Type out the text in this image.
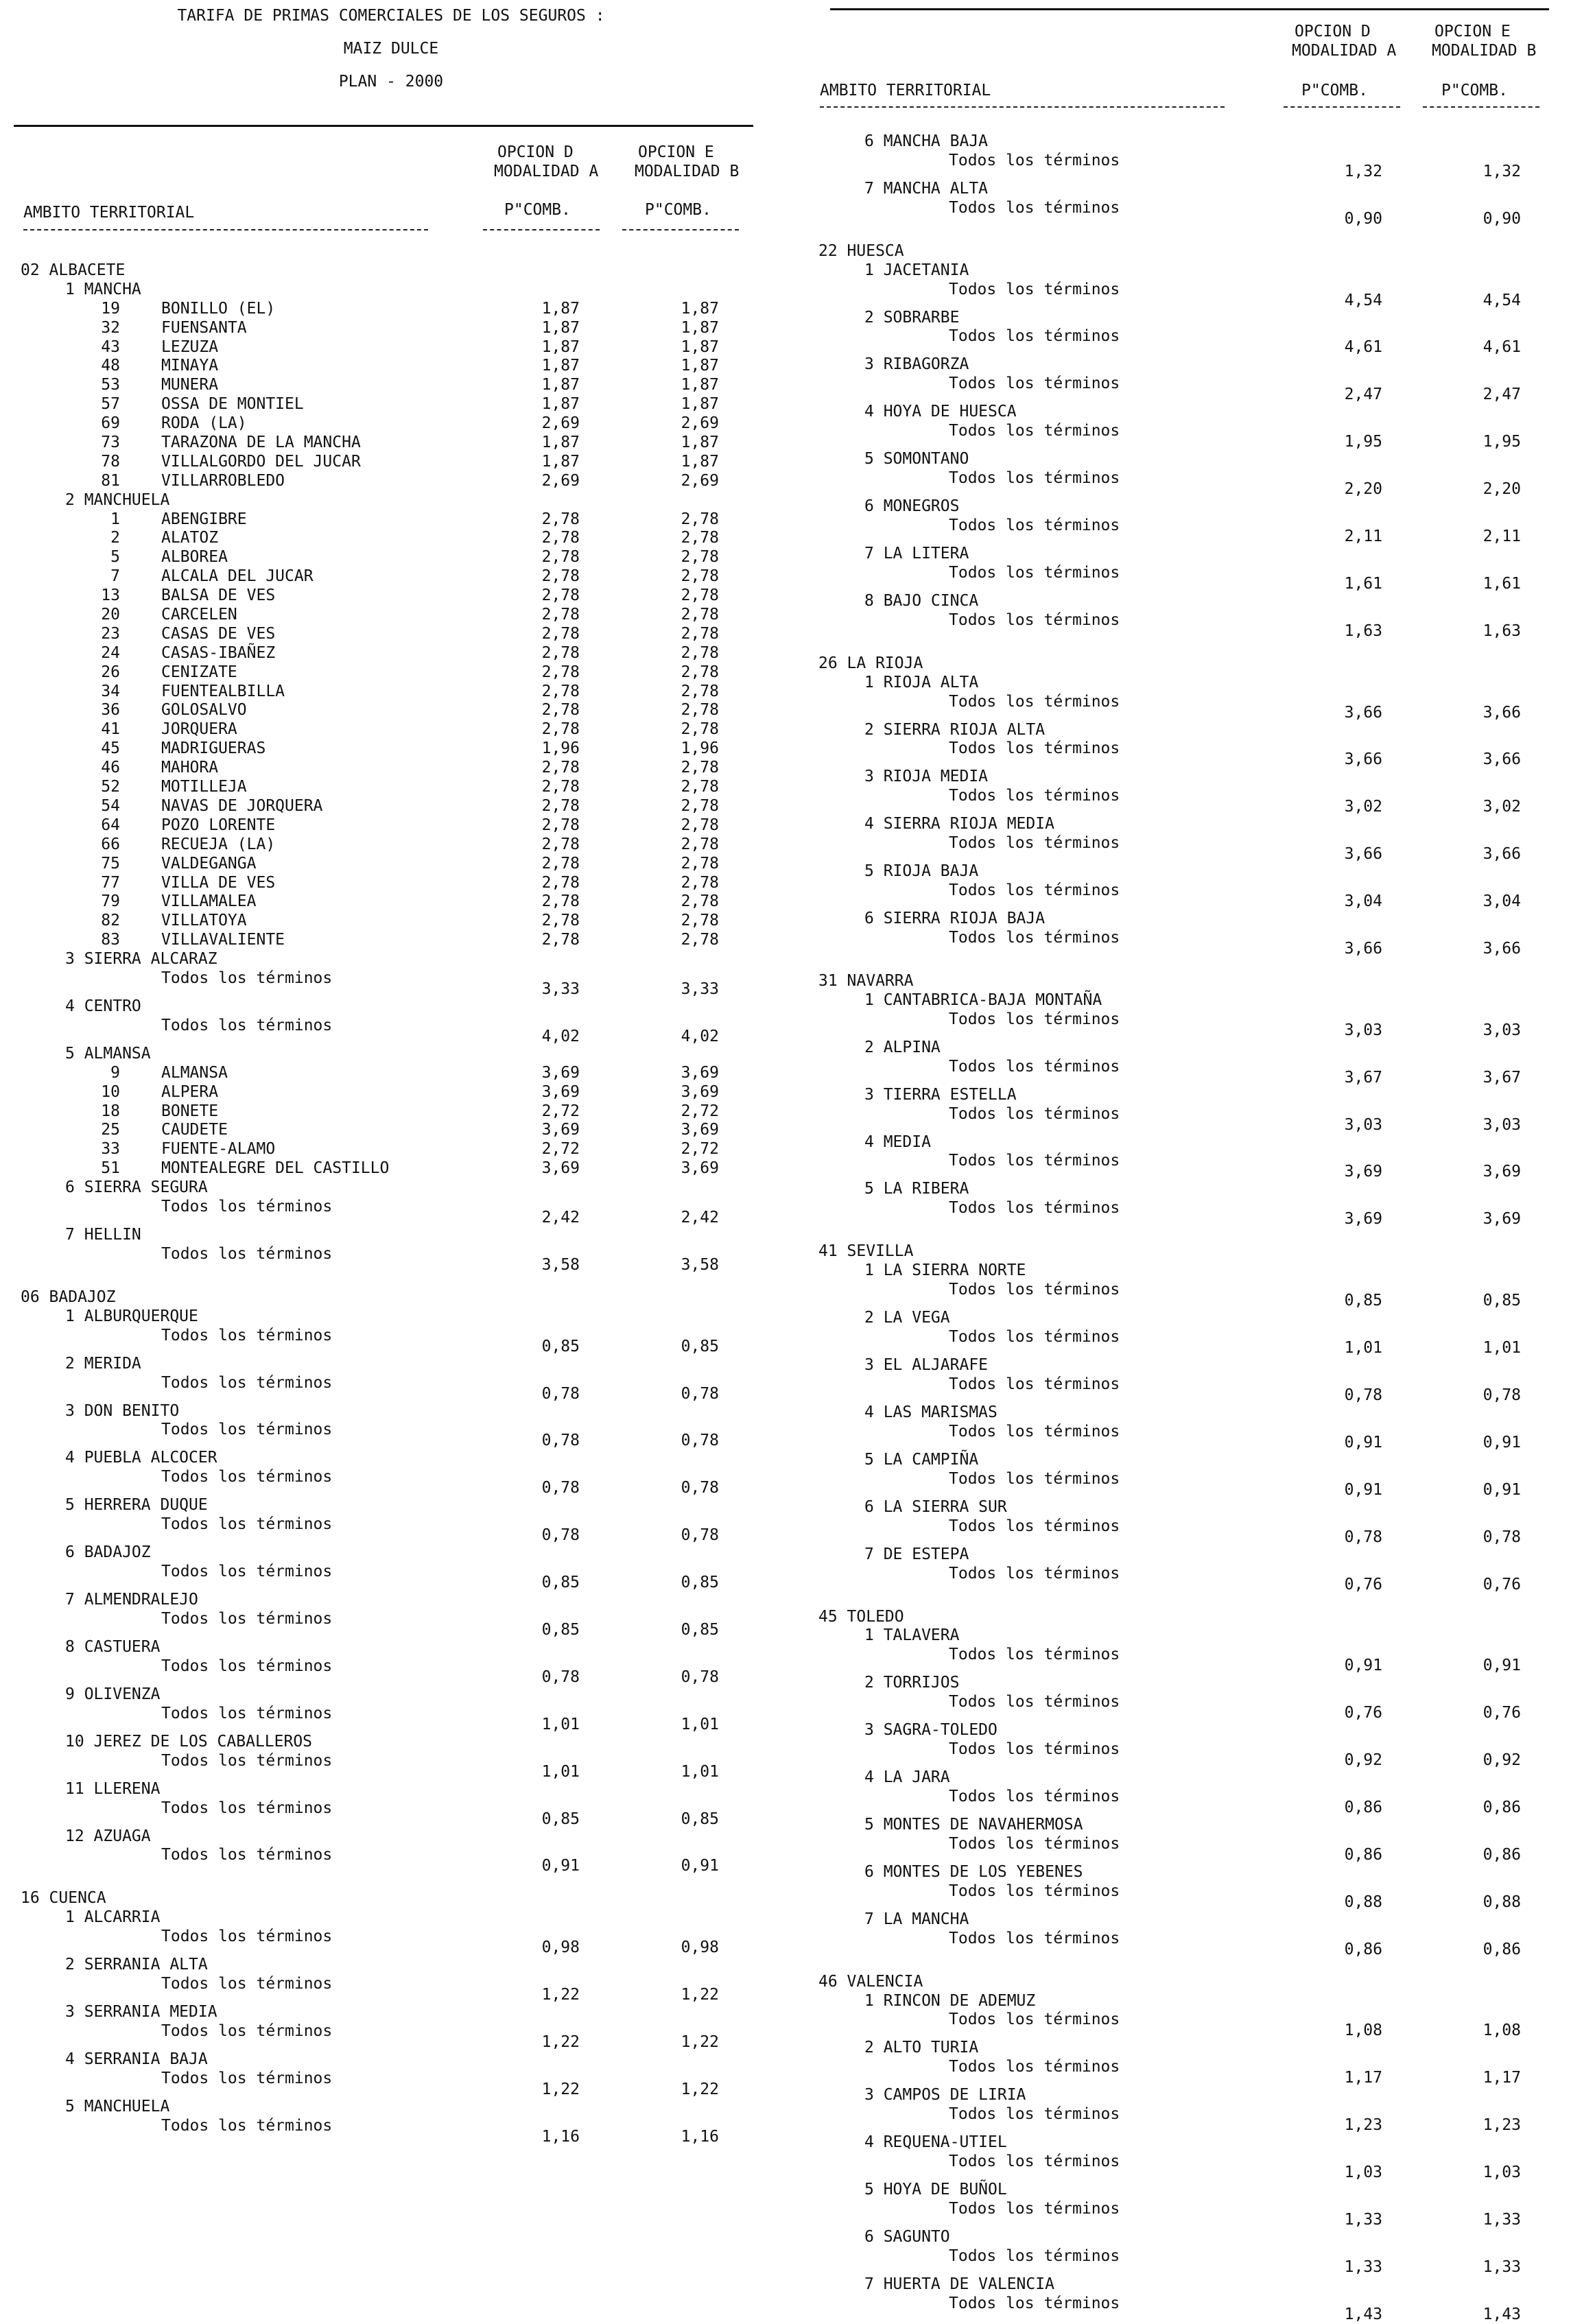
TARIFA DE PRIMAS COMERCIALES DE LOS SEGUROS :
MAIZ DULCE
PLAN - 2000
OPCION D
MODALIDAD A
OPCION E
MODALIDAD B
AMBITO TERRITORIAL	P"COMB.	P"COMB.
02 ALBACETE
1 MANCHA
19	BONILLO (EL)	1,87	1,87
32	FUENSANTA	1,87	1,87
43	LEZUZA	1,87	1,87
48	MINAYA	1,87	1,87
53	MUNERA	1,87	1,87
57	OSSA DE MONTIEL	1,87	1,87
69	RODA (LA)	2,69	2,69
73	TARAZONA DE LA MANCHA	1,87	1,87
78	VILLALGORDO DEL JUCAR	1,87	1,87
81	VILLARROBLEDO	2,69	2,69
2 MANCHUELA
1	ABENGIBRE	2,78	2,78
2	ALATOZ	2,78	2,78
5	ALBOREA	2,78	2,78
7	ALCALA DEL JUCAR	2,78	2,78
13	BALSA DE VES	2,78	2,78
20	CARCELEN	2,78	2,78
23	CASAS DE VES	2,78	2,78
24	CASAS-IBAÑEZ	2,78	2,78
26	CENIZATE	2,78	2,78
34	FUENTEALBILLA	2,78	2,78
36	GOLOSALVO	2,78	2,78
41	JORQUERA	2,78	2,78
45	MADRIGUERAS	1,96	1,96
46	MAHORA	2,78	2,78
52	MOTILLEJA	2,78	2,78
54	NAVAS DE JORQUERA	2,78	2,78
64	POZO LORENTE	2,78	2,78
66	RECUEJA (LA)	2,78	2,78
75	VALDEGANGA	2,78	2,78
77	VILLA DE VES	2,78	2,78
79	VILLAMALEA	2,78	2,78
82	VILLATOYA	2,78	2,78
83	VILLAVALIENTE	2,78	2,78
3 SIERRA ALCARAZ
Todos los términos
3,33	3,33
4 CENTRO
Todos los términos
4,02	4,02
5 ALMANSA
9	ALMANSA	3,69	3,69
10	ALPERA	3,69	3,69
18	BONETE	2,72	2,72
25	CAUDETE	3,69	3,69
33	FUENTE-ALAMO	2,72	2,72
51	MONTEALEGRE DEL CASTILLO	3,69	3,69
6 SIERRA SEGURA
Todos los términos
2,42	2,42
7 HELLIN
Todos los términos
3,58	3,58
06 BADAJOZ
1 ALBURQUERQUE
Todos los términos
0,85	0,85
2 MERIDA
Todos los términos
0,78	0,78
3 DON BENITO
Todos los términos
0,78	0,78
4 PUEBLA ALCOCER
Todos los términos
0,78	0,78
5 HERRERA DUQUE
Todos los términos
0,78	0,78
6 BADAJOZ
Todos los términos
0,85	0,85
7 ALMENDRALEJO
Todos los términos
0,85	0,85
8 CASTUERA
Todos los términos
0,78	0,78
9 OLIVENZA
Todos los términos
1,01	1,01
10 JEREZ DE LOS CABALLEROS
Todos los términos
1,01	1,01
11 LLERENA
Todos los términos
0,85	0,85
12 AZUAGA
Todos los términos
0,91	0,91
16 CUENCA
1 ALCARRIA
Todos los términos
0,98	0,98
2 SERRANIA ALTA
Todos los términos
1,22	1,22
3 SERRANIA MEDIA
Todos los términos
1,22	1,22
4 SERRANIA BAJA
Todos los términos
1,22	1,22
5 MANCHUELA
Todos los términos
1,16	1,16
OPCION D
MODALIDAD A
OPCION E
MODALIDAD B
AMBITO TERRITORIAL	P"COMB.	P"COMB.
6 MANCHA BAJA
Todos los términos
1,32	1,32
7 MANCHA ALTA
Todos los términos
0,90	0,90
22 HUESCA
1 JACETANIA
Todos los términos
4,54	4,54
2 SOBRARBE
Todos los términos
4,61	4,61
3 RIBAGORZA
Todos los términos
2,47	2,47
4 HOYA DE HUESCA
Todos los términos
1,95	1,95
5 SOMONTANO
Todos los términos
2,20	2,20
6 MONEGROS
Todos los términos
2,11	2,11
7 LA LITERA
Todos los términos
1,61	1,61
8 BAJO CINCA
Todos los términos
1,63	1,63
26 LA RIOJA
1 RIOJA ALTA
Todos los términos
3,66	3,66
2 SIERRA RIOJA ALTA
Todos los términos
3,66	3,66
3 RIOJA MEDIA
Todos los términos
3,02	3,02
4 SIERRA RIOJA MEDIA
Todos los términos
3,66	3,66
5 RIOJA BAJA
Todos los términos
3,04	3,04
6 SIERRA RIOJA BAJA
Todos los términos
3,66	3,66
31 NAVARRA
1 CANTABRICA-BAJA MONTAÑA
Todos los términos
3,03	3,03
2 ALPINA
Todos los términos
3,67	3,67
3 TIERRA ESTELLA
Todos los términos
3,03	3,03
4 MEDIA
Todos los términos
3,69	3,69
5 LA RIBERA
Todos los términos
3,69	3,69
41 SEVILLA
1 LA SIERRA NORTE
Todos los términos
0,85	0,85
2 LA VEGA
Todos los términos
1,01	1,01
3 EL ALJARAFE
Todos los términos
0,78	0,78
4 LAS MARISMAS
Todos los términos
0,91	0,91
5 LA CAMPIÑA
Todos los términos
0,91	0,91
6 LA SIERRA SUR
Todos los términos
0,78	0,78
7 DE ESTEPA
Todos los términos
0,76	0,76
45 TOLEDO
1 TALAVERA
Todos los términos
0,91	0,91
2 TORRIJOS
Todos los términos
0,76	0,76
3 SAGRA-TOLEDO
Todos los términos
0,92	0,92
4 LA JARA
Todos los términos
0,86	0,86
5 MONTES DE NAVAHERMOSA
Todos los términos
0,86	0,86
6 MONTES DE LOS YEBENES
Todos los términos
0,88	0,88
7 LA MANCHA
Todos los términos
0,86	0,86
46 VALENCIA
1 RINCON DE ADEMUZ
Todos los términos
1,08	1,08
2 ALTO TURIA
Todos los términos
1,17	1,17
3 CAMPOS DE LIRIA
Todos los términos
1,23	1,23
4 REQUENA-UTIEL
Todos los términos
1,03	1,03
5 HOYA DE BUÑOL
Todos los términos
1,33	1,33
6 SAGUNTO
Todos los términos
1,33	1,33
7 HUERTA DE VALENCIA
Todos los términos
1,43	1,43
